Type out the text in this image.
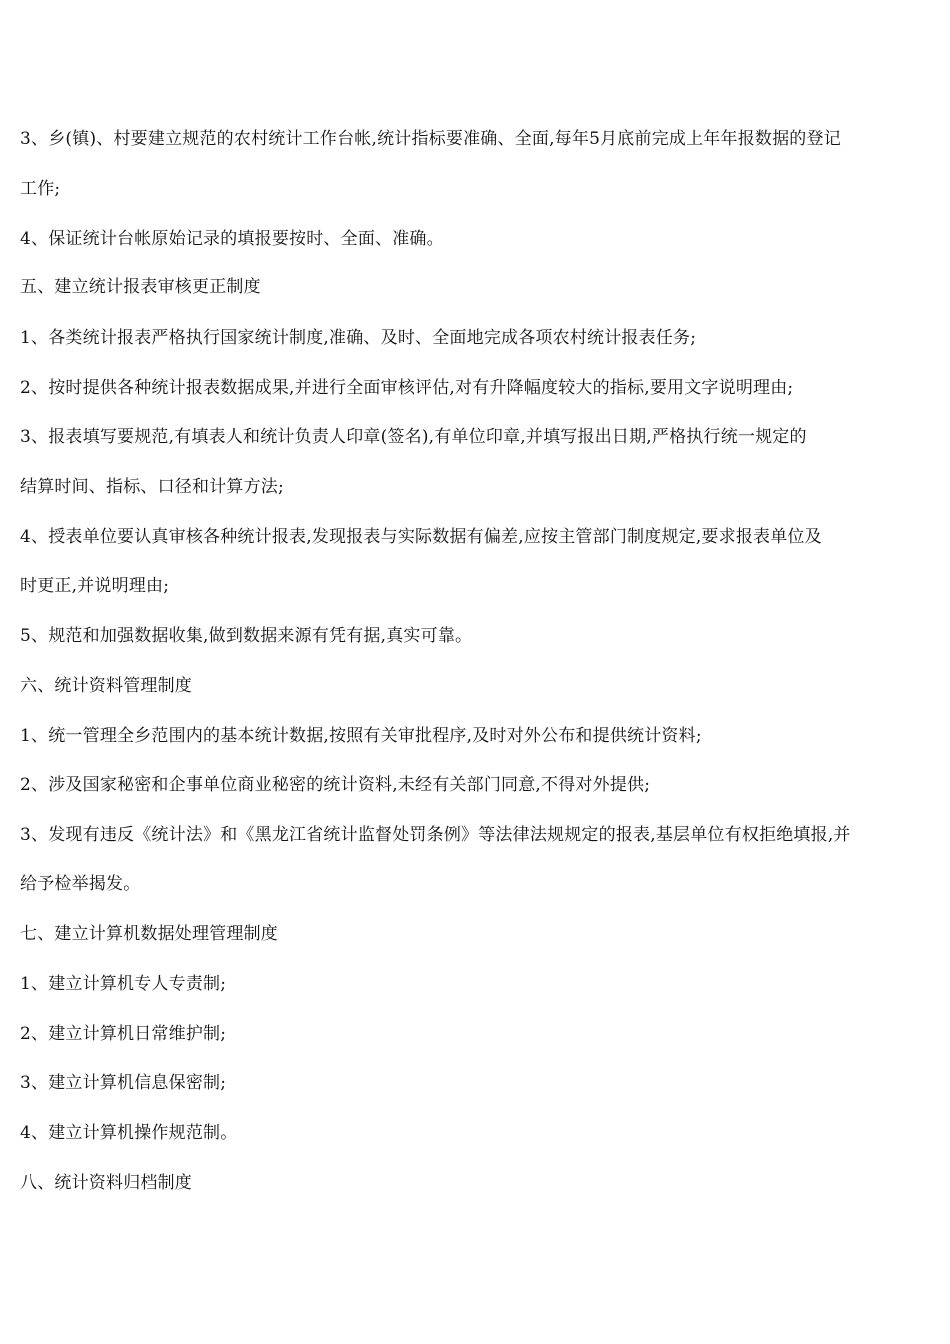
3、乡(镇)、村要建立规范的农村统计工作台帐,统计指标要准确、全面,每年5月底前完成上年年报数据的登记
工作;
4、保证统计台帐原始记录的填报要按时、全面、准确。
五、建立统计报表审核更正制度
1、各类统计报表严格执行国家统计制度,准确、及时、全面地完成各项农村统计报表任务;
2、按时提供各种统计报表数据成果,并进行全面审核评估,对有升降幅度较大的指标,要用文字说明理由;
3、报表填写要规范,有填表人和统计负责人印章(签名),有单位印章,并填写报出日期,严格执行统一规定的
结算时间、指标、口径和计算方法;
4、授表单位要认真审核各种统计报表,发现报表与实际数据有偏差,应按主管部门制度规定,要求报表单位及
时更正,并说明理由;
5、规范和加强数据收集,做到数据来源有凭有据,真实可靠。
六、统计资料管理制度
1、统一管理全乡范围内的基本统计数据,按照有关审批程序,及时对外公布和提供统计资料;
2、涉及国家秘密和企事单位商业秘密的统计资料,未经有关部门同意,不得对外提供;
3、发现有违反《统计法》和《黑龙江省统计监督处罚条例》等法律法规规定的报表,基层单位有权拒绝填报,并
给予检举揭发。
七、建立计算机数据处理管理制度
1、建立计算机专人专责制;
2、建立计算机日常维护制;
3、建立计算机信息保密制;
4、建立计算机操作规范制。
八、统计资料归档制度
